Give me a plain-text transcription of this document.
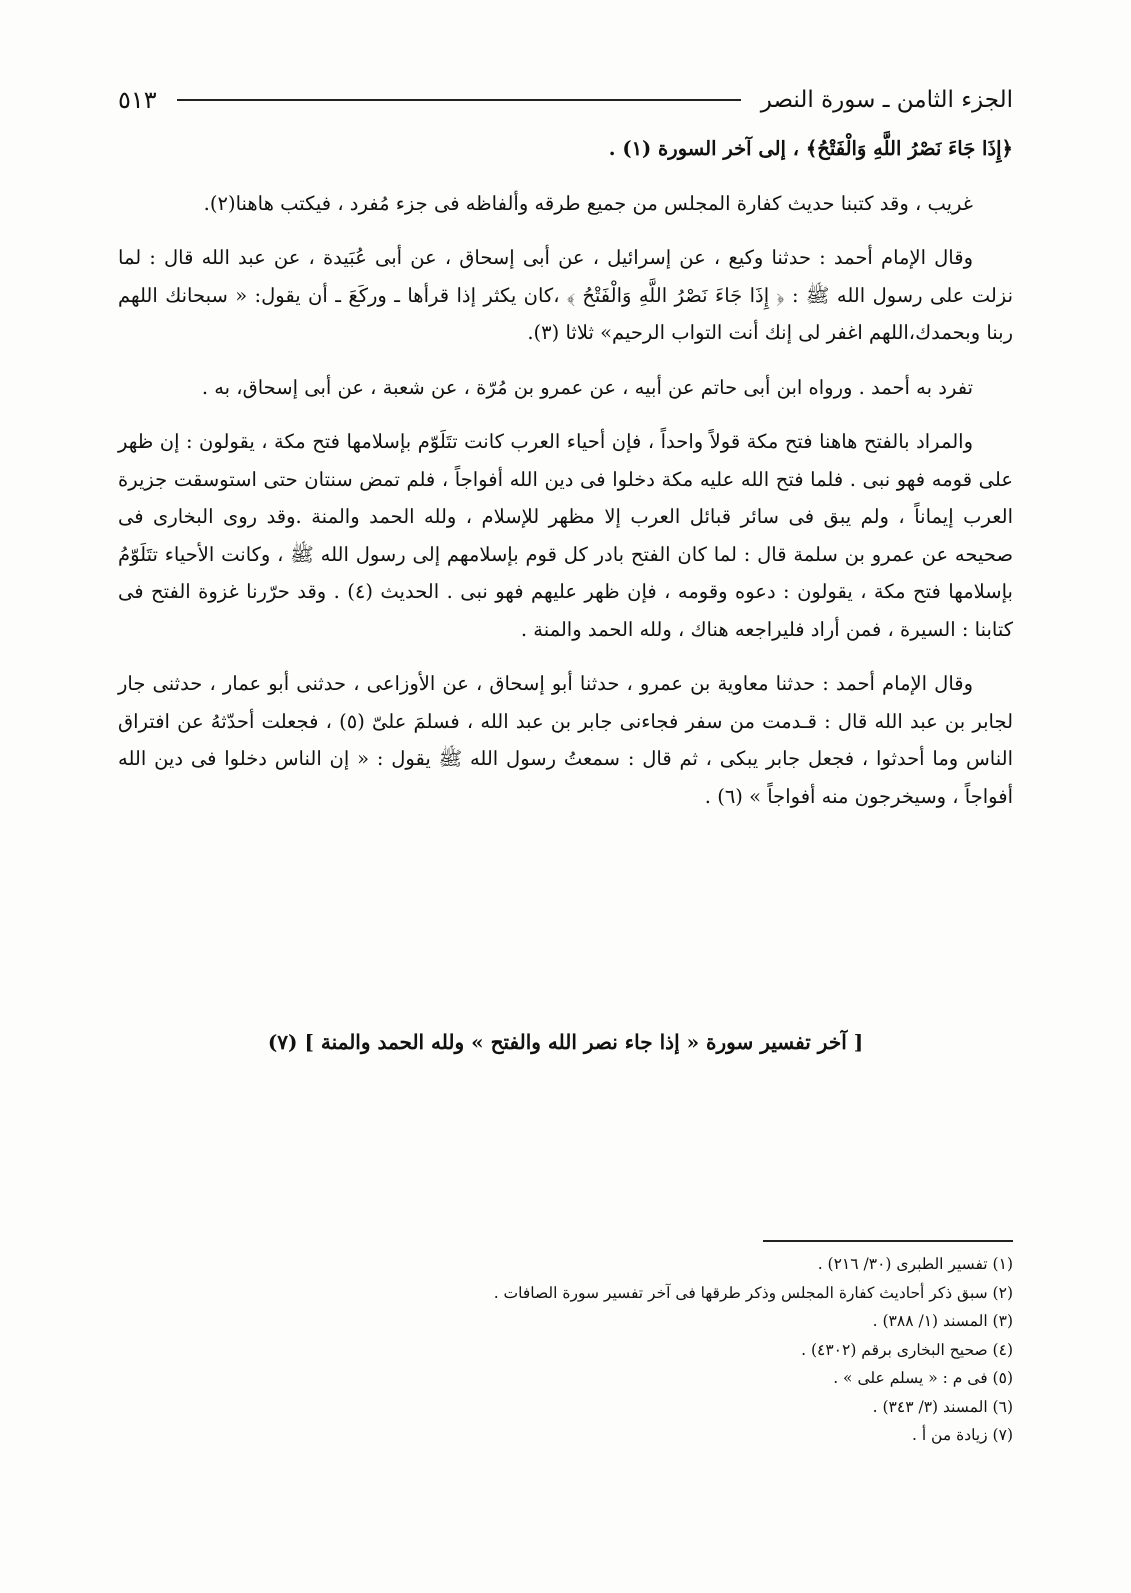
الجزء الثامن ـ سورة النصر
٥١٣

﴿إِذَا جَاءَ نَصْرُ اللَّهِ وَالْفَتْحُ﴾ ، إلى آخر السورة (١) .

غريب ، وقد كتبنا حديث كفارة المجلس من جميع طرقه وألفاظه فى جزء مُفرد ، فيكتب هاهنا(٢).

وقال الإمام أحمد : حدثنا وكيع ، عن إسرائيل ، عن أبى إسحاق ، عن أبى عُبَيدة ، عن عبد الله قال : لما نزلت على رسول الله ﷺ : ﴿ إِذَا جَاءَ نَصْرُ اللَّهِ وَالْفَتْحُ ﴾ ،كان يكثر إذا قرأها ـ وركَعَ ـ أن يقول: « سبحانك اللهم ربنا وبحمدك،اللهم اغفر لى إنك أنت التواب الرحيم» ثلاثا (٣).

تفرد به أحمد . ورواه ابن أبى حاتم عن أبيه ، عن عمرو بن مُرّة ، عن شعبة ، عن أبى إسحاق، به .

والمراد بالفتح هاهنا فتح مكة قولاً واحداً ، فإن أحياء العرب كانت تتَلَوّم بإسلامها فتح مكة ، يقولون : إن ظهر على قومه فهو نبى . فلما فتح الله عليه مكة دخلوا فى دين الله أفواجاً ، فلم تمض سنتان حتى استوسقت جزيرة العرب إيماناً ، ولم يبق فى سائر قبائل العرب إلا مظهر للإسلام ، ولله الحمد والمنة .وقد روى البخارى فى صحيحه عن عمرو بن سلمة قال : لما كان الفتح بادر كل قوم بإسلامهم إلى رسول الله ﷺ ، وكانت الأحياء تتَلَوّمُ بإسلامها فتح مكة ، يقولون : دعوه وقومه ، فإن ظهر عليهم فهو نبى . الحديث (٤) . وقد حرّرنا غزوة الفتح فى كتابنا : السيرة ، فمن أراد فليراجعه هناك ، ولله الحمد والمنة .

وقال الإمام أحمد : حدثنا معاوية بن عمرو ، حدثنا أبو إسحاق ، عن الأوزاعى ، حدثنى أبو عمار ، حدثنى جار لجابر بن عبد الله قال : قـدمت من سفر فجاءنى جابر بن عبد الله ، فسلمَ علىّ (٥) ، فجعلت أحدّثهُ عن افتراق الناس وما أحدثوا ، فجعل جابر يبكى ، ثم قال : سمعتُ رسول الله ﷺ يقول : « إن الناس دخلوا فى دين الله أفواجاً ، وسيخرجون منه أفواجاً » (٦) .

[ آخر تفسير سورة « إذا جاء نصر الله والفتح » ولله الحمد والمنة ] (٧)
(١) تفسير الطبرى (٣٠/ ٢١٦) .
(٢) سبق ذكر أحاديث كفارة المجلس وذكر طرقها فى آخر تفسير سورة الصافات .
(٣) المسند (١/ ٣٨٨) .
(٤) صحيح البخارى برقم (٤٣٠٢) .
(٥) فى م : « يسلم على » .
(٦) المسند (٣/ ٣٤٣) .
(٧) زيادة من أ .
